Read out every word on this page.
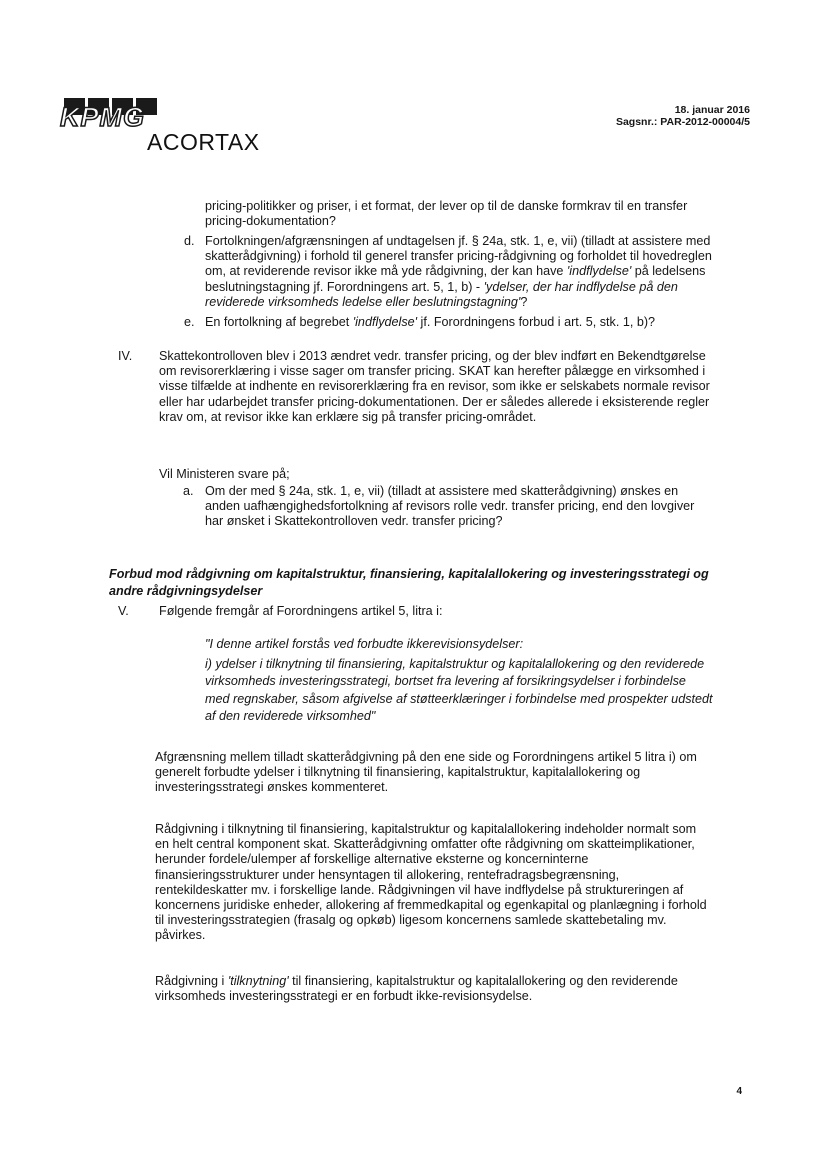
KPMG
ACORTAX
18. januar 2016
Sagsnr.: PAR-2012-00004/5

pricing-politikker og priser, i et format, der lever op til de danske formkrav til en transfer pricing-dokumentation?

d. Fortolkningen/afgrænsningen af undtagelsen jf. § 24a, stk. 1, e, vii) (tilladt at assistere med skatterådgivning) i forhold til generel transfer pricing-rådgivning og forholdet til hovedreglen om, at reviderende revisor ikke må yde rådgivning, der kan have 'indflydelse' på ledelsens beslutningstagning jf. Forordningens art. 5, 1, b) - 'ydelser, der har indflydelse på den reviderede virksomheds ledelse eller beslutningstagning'?

e. En fortolkning af begrebet 'indflydelse' jf. Forordningens forbud i art. 5, stk. 1, b)?

IV. Skattekontrolloven blev i 2013 ændret vedr. transfer pricing, og der blev indført en Bekendtgørelse om revisorerklæring i visse sager om transfer pricing. SKAT kan herefter pålægge en virksomhed i visse tilfælde at indhente en revisorerklæring fra en revisor, som ikke er selskabets normale revisor eller har udarbejdet transfer pricing-dokumentationen. Der er således allerede i eksisterende regler krav om, at revisor ikke kan erklære sig på transfer pricing-området.

Vil Ministeren svare på;

a. Om der med § 24a, stk. 1, e, vii) (tilladt at assistere med skatterådgivning) ønskes en anden uafhængighedsfortolkning af revisors rolle vedr. transfer pricing, end den lovgiver har ønsket i Skattekontrolloven vedr. transfer pricing?

Forbud mod rådgivning om kapitalstruktur, finansiering, kapitalallokering og investeringsstrategi og andre rådgivningsydelser
V. Følgende fremgår af Forordningens artikel 5, litra i:

"I denne artikel forstås ved forbudte ikkerevisionsydelser:

i) ydelser i tilknytning til finansiering, kapitalstruktur og kapitalallokering og den reviderede virksomheds investeringsstrategi, bortset fra levering af forsikringsydelser i forbindelse med regnskaber, såsom afgivelse af støtteerklæringer i forbindelse med prospekter udstedt af den reviderede virksomhed"

Afgrænsning mellem tilladt skatterådgivning på den ene side og Forordningens artikel 5 litra i) om generelt forbudte ydelser i tilknytning til finansiering, kapitalstruktur, kapitalallokering og investeringsstrategi ønskes kommenteret.

Rådgivning i tilknytning til finansiering, kapitalstruktur og kapitalallokering indeholder normalt som en helt central komponent skat. Skatterådgivning omfatter ofte rådgivning om skatteimplikationer, herunder fordele/ulemper af forskellige alternative eksterne og koncerninterne finansieringsstrukturer under hensyntagen til allokering, rentefradragsbegrænsning, rentekildeskatter mv. i forskellige lande. Rådgivningen vil have indflydelse på struktureringen af koncernens juridiske enheder, allokering af fremmedkapital og egenkapital og planlægning i forhold til investeringsstrategien (frasalg og opkøb) ligesom koncernens samlede skattebetaling mv. påvirkes.

Rådgivning i 'tilknytning' til finansiering, kapitalstruktur og kapitalallokering og den reviderende virksomheds investeringsstrategi er en forbudt ikke-revisionsydelse.

4
